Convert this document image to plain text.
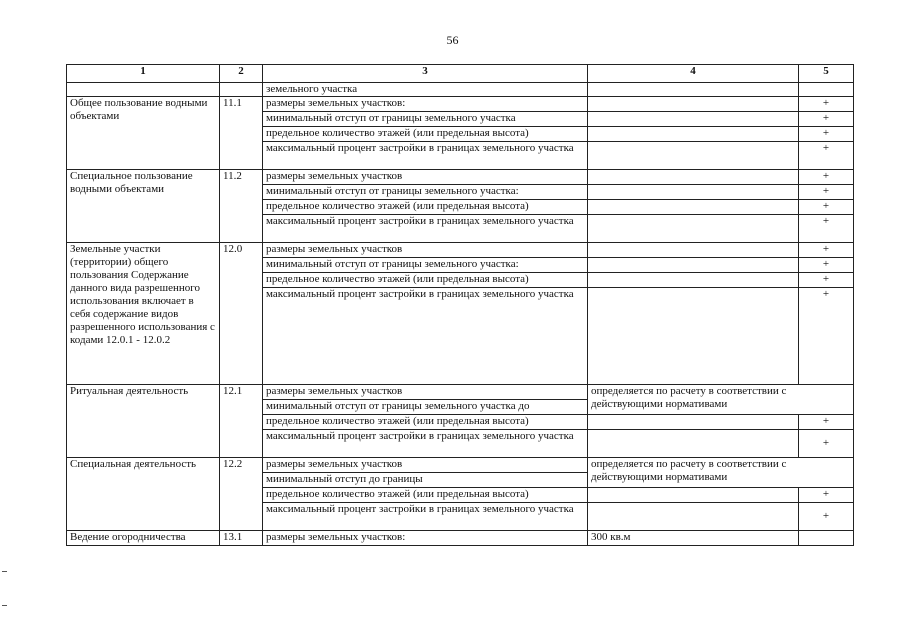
56
1	2	3	4	5
		земельного участка		
Общее пользование водными объектами	11.1	размеры земельных участков:		+
		минимальный отступ от границы земельного участка		+
		предельное количество этажей (или предельная высота)		+
		максимальный процент застройки в границах земельного участка		+
Специальное пользование водными объектами	11.2	размеры земельных участков		+
		минимальный отступ от границы земельного участка:		+
		предельное количество этажей (или предельная высота)		+
		максимальный процент застройки в границах земельного участка		+
Земельные участки (территории) общего пользования Содержание данного вида разрешенного использования включает в себя содержание видов разрешенного использования с кодами 12.0.1 - 12.0.2	12.0	размеры земельных участков		+
		минимальный отступ от границы земельного участка:		+
		предельное количество этажей (или предельная высота)		+
		максимальный процент застройки в границах земельного участка		+
Ритуальная деятельность	12.1	размеры земельных участков	определяется по расчету в соответствии с действующими нормативами	
		минимальный отступ от границы земельного участка до		
		предельное количество этажей (или предельная высота)		+
		максимальный процент застройки в границах земельного участка		+
Специальная деятельность	12.2	размеры земельных участков	определяется по расчету в соответствии с действующими нормативами	
		минимальный отступ до границы		
		предельное количество этажей (или предельная высота)		+
		максимальный процент застройки в границах земельного участка		+
Ведение огородничества	13.1	размеры земельных участков:	300 кв.м	
